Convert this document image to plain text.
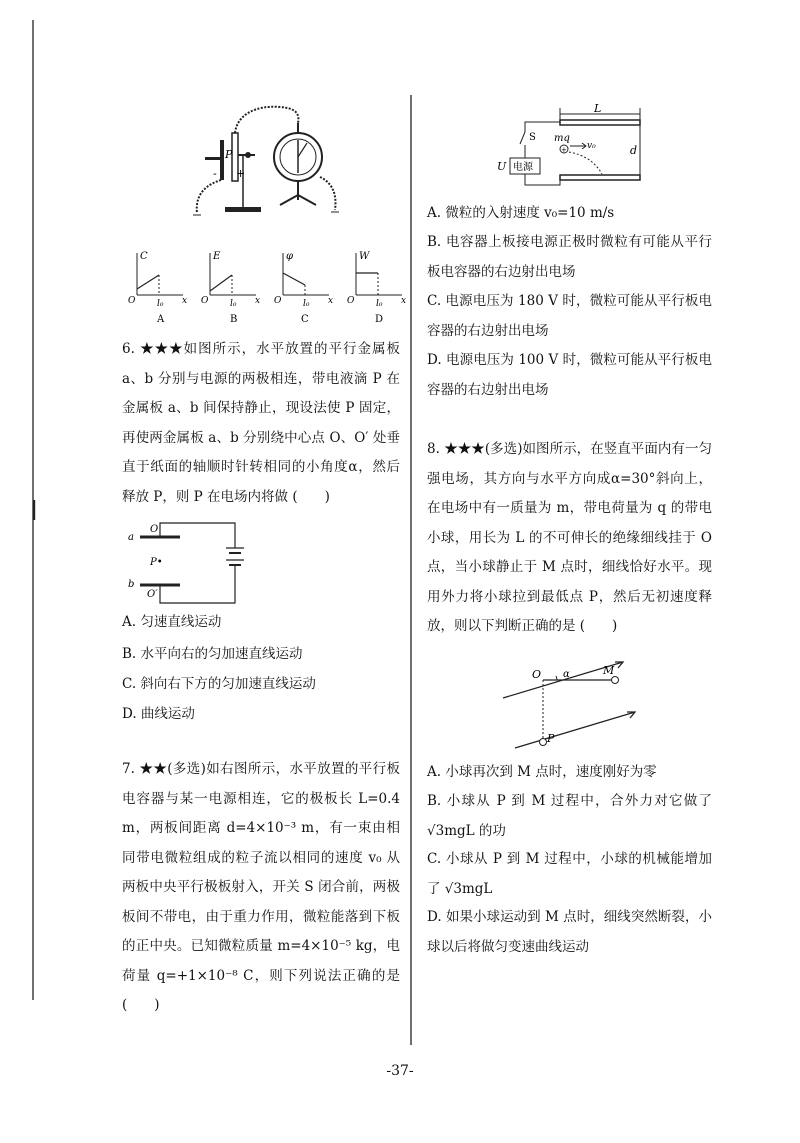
P
- +
C
O l₀ x
A
E
O l₀ x
B
φ
O l₀ x
C
W
O l₀ x
D
6. ★★★如图所示，水平放置的平行金属板 a、b 分别与电源的两极相连，带电液滴 P 在金属板 a、b 间保持静止，现设法使 P 固定，再使两金属板 a、b 分别绕中心点 O、O′ 处垂直于纸面的轴顺时针转相同的小角度α，然后释放 P，则 P 在电场内将做 (　　)
a
b
O
O′
P•
A. 匀速直线运动
B. 水平向右的匀加速直线运动
C. 斜向右下方的匀加速直线运动
D. 曲线运动
7. ★★(多选)如右图所示，水平放置的平行板电容器与某一电源相连，它的极板长 L=0.4 m，两板间距离 d=4×10⁻³ m，有一束由相同带电微粒组成的粒子流以相同的速度 v₀ 从两板中央平行极板射入，开关 S 闭合前，两极板间不带电，由于重力作用，微粒能落到下板的正中央。已知微粒质量 m=4×10⁻⁵ kg，电荷量 q=+1×10⁻⁸ C，则下列说法正确的是(　　)
L
S
电源
U
+
mq
v₀	d
A. 微粒的入射速度 v₀=10 m/s
B. 电容器上板接电源正极时微粒有可能从平行板电容器的右边射出电场
C. 电源电压为 180 V 时，微粒可能从平行板电容器的右边射出电场
D. 电源电压为 100 V 时，微粒可能从平行板电容器的右边射出电场
8. ★★★(多选)如图所示，在竖直平面内有一匀强电场，其方向与水平方向成α=30°斜向上，在电场中有一质量为 m，带电荷量为 q 的带电小球，用长为 L 的不可伸长的绝缘细线挂于 O 点，当小球静止于 M 点时，细线恰好水平。现用外力将小球拉到最低点 P，然后无初速度释放，则以下判断正确的是 (　　)
O α	M
P
A. 小球再次到 M 点时，速度刚好为零
B. 小球从 P 到 M 过程中，合外力对它做了 √3mgL 的功
C. 小球从 P 到 M 过程中，小球的机械能增加了 √3mgL
D. 如果小球运动到 M 点时，细线突然断裂，小球以后将做匀变速曲线运动
-37-
